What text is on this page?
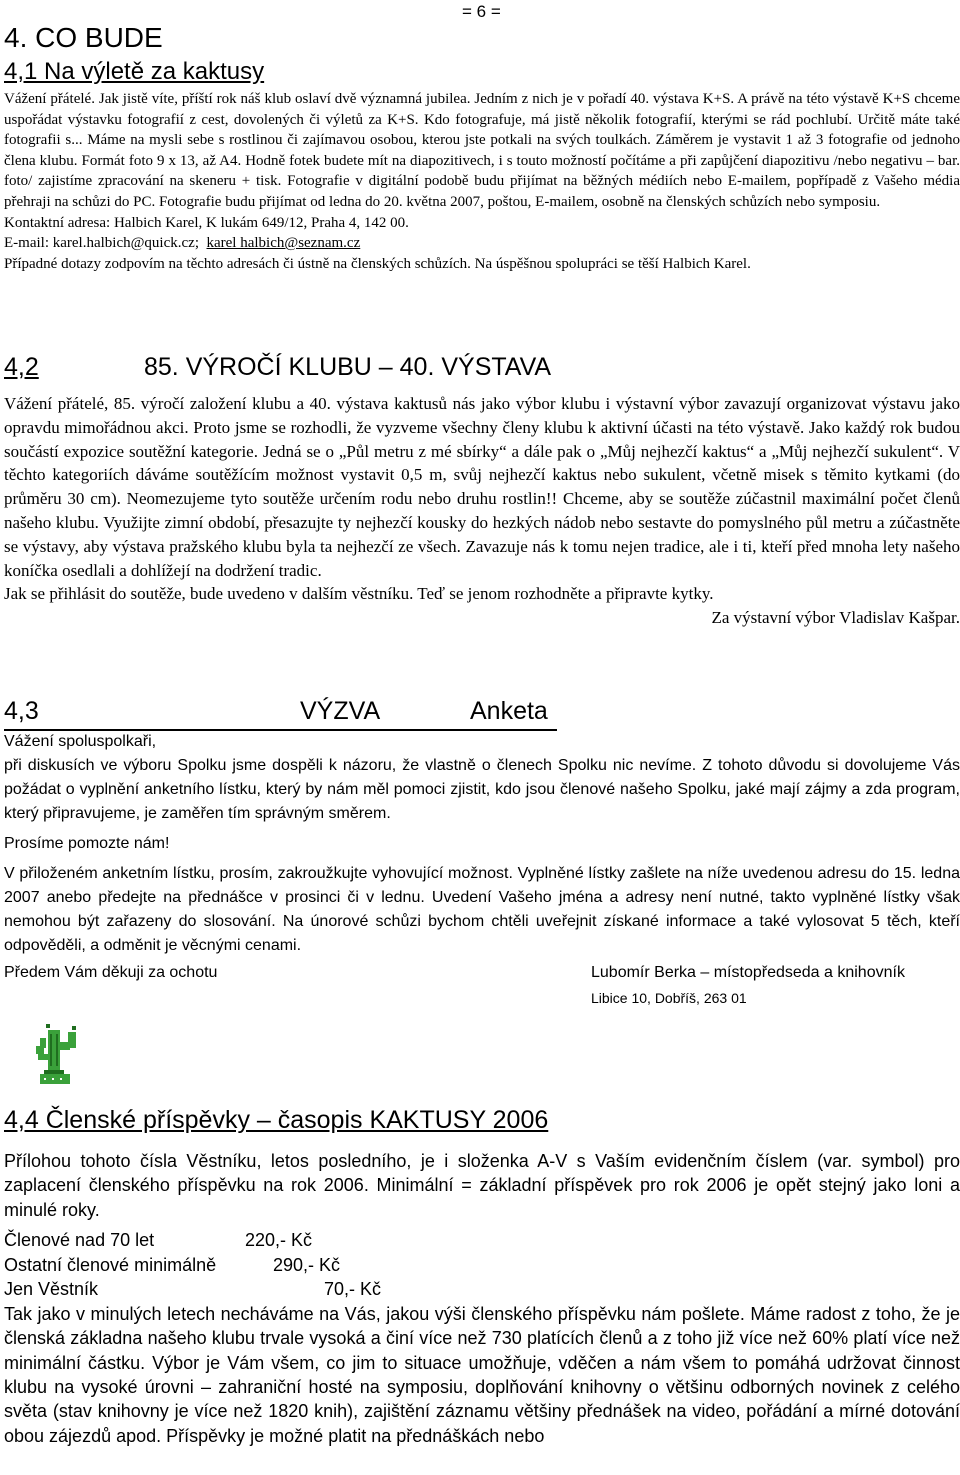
= 6 =
4. CO BUDE
4,1 Na výletě za kaktusy

Vážení přátelé. Jak jistě víte, příští rok náš klub oslaví dvě významná jubilea. Jedním z nich je v pořadí 40. výstava K+S. A právě na této výstavě K+S chceme uspořádat výstavku fotografií z cest, dovolených či výletů za K+S. Kdo fotografuje, má jistě několik fotografií, kterými se rád pochlubí. Určitě máte také fotografii s... Máme na mysli sebe s rostlinou či zajímavou osobou, kterou jste potkali na svých toulkách. Záměrem je vystavit 1 až 3 fotografie od jednoho člena klubu. Formát foto 9 x 13, až A4. Hodně fotek budete mít na diapozitivech, i s touto možností počítáme a při zapůjčení diapozitivu /nebo negativu – bar. foto/ zajistíme zpracování na skeneru + tisk. Fotografie v digitální podobě budu přijímat na běžných médiích nebo E-mailem, popřípadě z Vašeho média přehraji na schůzi do PC. Fotografie budu přijímat od ledna do 20. května 2007, poštou, E-mailem, osobně na členských schůzích nebo symposiu.

Kontaktní adresa: Halbich Karel, K lukám 649/12, Praha 4, 142 00.

E-mail: karel.halbich@quick.cz; karel halbich@seznam.cz

Případné dotazy zodpovím na těchto adresách či ústně na členských schůzích. Na úspěšnou spolupráci se těší Halbich Karel.

4,2	85. VÝROČÍ KLUBU – 40. VÝSTAVA

Vážení přátelé, 85. výročí založení klubu a 40. výstava kaktusů nás jako výbor klubu i výstavní výbor zavazují organizovat výstavu jako opravdu mimořádnou akci. Proto jsme se rozhodli, že vyzveme všechny členy klubu k aktivní účasti na této výstavě. Jako každý rok budou součástí expozice soutěžní kategorie. Jedná se o „Půl metru z mé sbírky“ a dále pak o „Můj nejhezčí kaktus“ a „Můj nejhezčí sukulent“. V těchto kategoriích dáváme soutěžícím možnost vystavit 0,5 m, svůj nejhezčí kaktus nebo sukulent, včetně misek s těmito kytkami (do průměru 30 cm). Neomezujeme tyto soutěže určením rodu nebo druhu rostlin!! Chceme, aby se soutěže zúčastnil maximální počet členů našeho klubu. Využijte zimní období, přesazujte ty nejhezčí kousky do hezkých nádob nebo sestavte do pomyslného půl metru a zúčastněte se výstavy, aby výstava pražského klubu byla ta nejhezčí ze všech. Zavazuje nás k tomu nejen tradice, ale i ti, kteří před mnoha lety našeho koníčka osedlali a dohlížejí na dodržení tradic.

Jak se přihlásit do soutěže, bude uvedeno v dalším věstníku. Teď se jenom rozhodněte a připravte kytky.

Za výstavní výbor Vladislav Kašpar.

4,3	VÝZVA	Anketa

Vážení spoluspolkaři,

při diskusích ve výboru Spolku jsme dospěli k názoru, že vlastně o členech Spolku nic nevíme. Z tohoto důvodu si dovolujeme Vás požádat o vyplnění anketního lístku, který by nám měl pomoci zjistit, kdo jsou členové našeho Spolku, jaké mají zájmy a zda program, který připravujeme, je zaměřen tím správným směrem.

Prosíme pomozte nám!

V přiloženém anketním lístku, prosím, zakroužkujte vyhovující možnost. Vyplněné lístky zašlete na níže uvedenou adresu do 15. ledna 2007 anebo předejte na přednášce v prosinci či v lednu. Uvedení Vašeho jména a adresy není nutné, takto vyplněné lístky však nemohou být zařazeny do slosování. Na únorové schůzi bychom chtěli uveřejnit získané informace a také vylosovat 5 těch, kteří odpověděli, a odměnit je věcnými cenami.

Předem Vám děkuji za ochotu	Lubomír Berka – místopředseda a knihovník
Libice 10, Dobříš, 263 01
4,4 Členské příspěvky – časopis KAKTUSY 2006

Přílohou tohoto čísla Věstníku, letos posledního, je i složenka A-V s Vaším evidenčním číslem (var. symbol) pro zaplacení členského příspěvku na rok 2006. Minimální = základní příspěvek pro rok 2006 je opět stejný jako loni a minulé roky.

Členové nad 70 let	220,- Kč
Ostatní členové minimálně	290,- Kč
Jen Věstník	70,- Kč

Tak jako v minulých letech necháváme na Vás, jakou výši členského příspěvku nám pošlete. Máme radost z toho, že je členská základna našeho klubu trvale vysoká a činí více než 730 platících členů a z toho již více než 60% platí více než minimální částku. Výbor je Vám všem, co jim to situace umožňuje, vděčen a nám všem to pomáhá udržovat činnost klubu na vysoké úrovni – zahraniční hosté na symposiu, doplňování knihovny o většinu odborných novinek z celého světa (stav knihovny je více než 1820 knih), zajištění záznamu většiny přednášek na video, pořádání a mírné dotování obou zájezdů apod. Příspěvky je možné platit na přednáškách nebo
